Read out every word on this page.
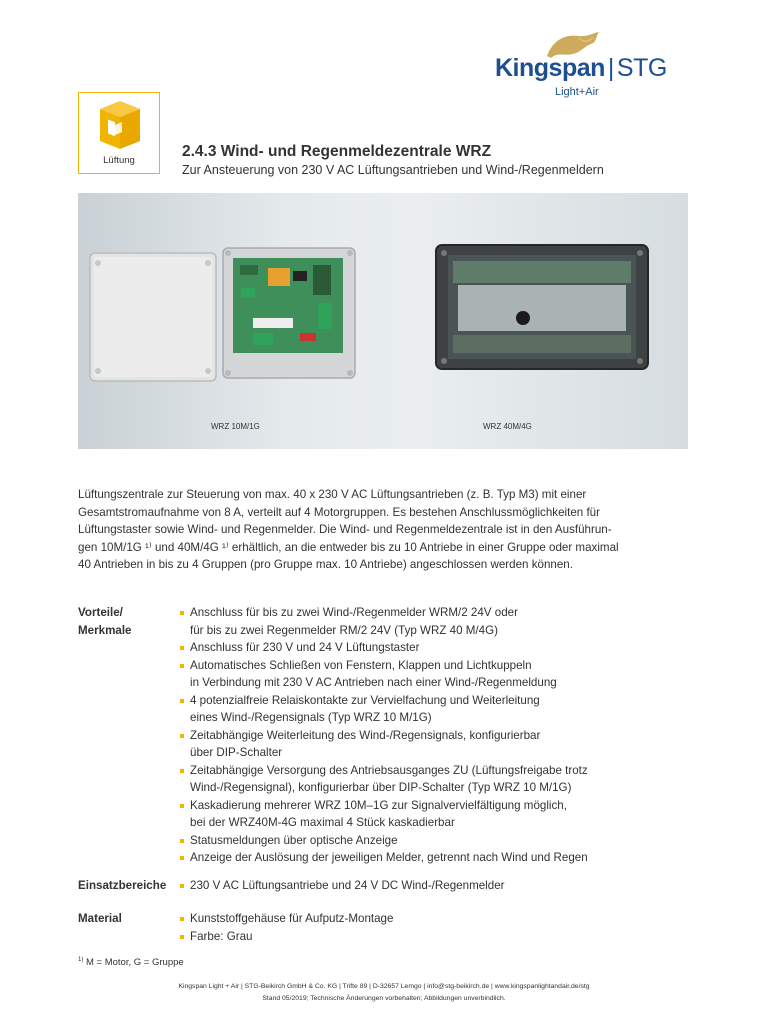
Kingspan | STG
Light+Air
Lüftung
2.4.3 Wind- und Regenmeldezentrale WRZ
Zur Ansteuerung von 230 V AC Lüftungsantrieben und Wind-/Regenmeldern
WRZ 10M/1G	WRZ 40M/4G

Lüftungszentrale zur Steuerung von max. 40 x 230 V AC Lüftungsantrieben (z. B. Typ M3) mit einer

Gesamtstromaufnahme von 8 A, verteilt auf 4 Motorgruppen. Es bestehen Anschlussmöglichkeiten für

Lüftungstaster sowie Wind- und Regenmelder. Die Wind- und Regenmeldezentrale ist in den Ausführun-

gen 10M/1G ¹⁾ und 40M/4G ¹⁾ erhältlich, an die entweder bis zu 10 Antriebe in einer Gruppe oder maximal

40 Antrieben in bis zu 4 Gruppen (pro Gruppe max. 10 Antriebe) angeschlossen werden können.

Vorteile/
Merkmale
Anschluss für bis zu zwei Wind-/Regenmelder WRM/2 24V oder
für bis zu zwei Regenmelder RM/2 24V (Typ WRZ 40 M/4G)
Anschluss für 230 V und 24 V Lüftungstaster
Automatisches Schließen von Fenstern, Klappen und Lichtkuppeln
in Verbindung mit 230 V AC Antrieben nach einer Wind-/Regenmeldung
4 potenzialfreie Relaiskontakte zur Vervielfachung und Weiterleitung
eines Wind-/Regensignals (Typ WRZ 10 M/1G)
Zeitabhängige Weiterleitung des Wind-/Regensignals, konfigurierbar
über DIP-Schalter
Zeitabhängige Versorgung des Antriebsausganges ZU (Lüftungsfreigabe trotz
Wind-/Regensignal), konfigurierbar über DIP-Schalter (Typ WRZ 10 M/1G)
Kaskadierung mehrerer WRZ 10M–1G zur Signalvervielfältigung möglich,
bei der WRZ40M-4G maximal 4 Stück kaskadierbar
Statusmeldungen über optische Anzeige
Anzeige der Auslösung der jeweiligen Melder, getrennt nach Wind und Regen
Einsatzbereiche	230 V AC Lüftungsantriebe und 24 V DC Wind-/Regenmelder
Material	Kunststoffgehäuse für Aufputz-Montage
Farbe: Grau
$^{1)}$ M = Motor, G = Gruppe
Kingspan Light + Air | STG-Beikirch GmbH & Co. KG | Trifte 89 | D-32657 Lemgo | info@stg-beikirch.de | www.kingspanlightandair.de/stg
Stand 05/2019; Technische Änderungen vorbehalten; Abbildungen unverbindlich.
